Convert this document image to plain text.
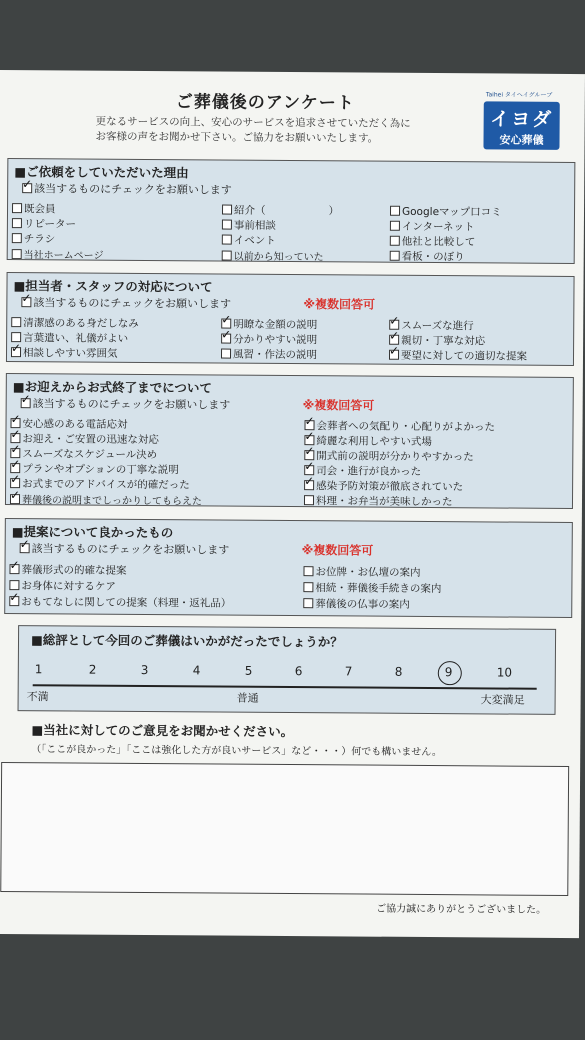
ご葬儀後のアンケート
更なるサービスの向上、安心のサービスを追求させていただく為に
お客様の声をお聞かせ下さい。ご協力をお願いいたします。
Taihei タイヘイグループ
イヨダ
安心葬儀
■ご依頼をしていただいた理由
✓該当するものにチェックをお願いします
既会員
リピーター
チラシ
当社ホームページ
紹介（　　　　　　）
事前相談
イベント
以前から知っていた
Googleマップ口コミ
インターネット
他社と比較して
看板・のぼり
■担当者・スタッフの対応について
✓該当するものにチェックをお願いします	※複数回答可
清潔感のある身だしなみ
言葉遣い、礼儀がよい
✓相談しやすい雰囲気
✓明瞭な金額の説明
✓分かりやすい説明
風習・作法の説明
✓スムーズな進行
✓親切・丁寧な対応
✓要望に対しての適切な提案
■お迎えからお式終了までについて
✓該当するものにチェックをお願いします	※複数回答可
✓安心感のある電話応対
✓お迎え・ご安置の迅速な対応
✓スムーズなスケジュール決め
✓プランやオプションの丁寧な説明
✓お式までのアドバイスが的確だった
✓葬儀後の説明までしっかりしてもらえた
✓会葬者への気配り・心配りがよかった
✓綺麗な利用しやすい式場
✓開式前の説明が分かりやすかった
✓司会・進行が良かった
✓感染予防対策が徹底されていた
料理・お弁当が美味しかった
■提案について良かったもの
✓該当するものにチェックをお願いします	※複数回答可
✓葬儀形式の的確な提案
お身体に対するケア
✓おもてなしに関しての提案（料理・返礼品）
お位牌・お仏壇の案内
相続・葬儀後手続きの案内
葬儀後の仏事の案内
■総評として今回のご葬儀はいかがだったでしょうか？
1	2	3	4	5	6	7	8	9	10
不満	普通	大変満足
■当社に対してのご意見をお聞かせください。
（「ここが良かった」「ここは強化した方が良いサービス」など・・・）何でも構いません。
ご協力誠にありがとうございました。
